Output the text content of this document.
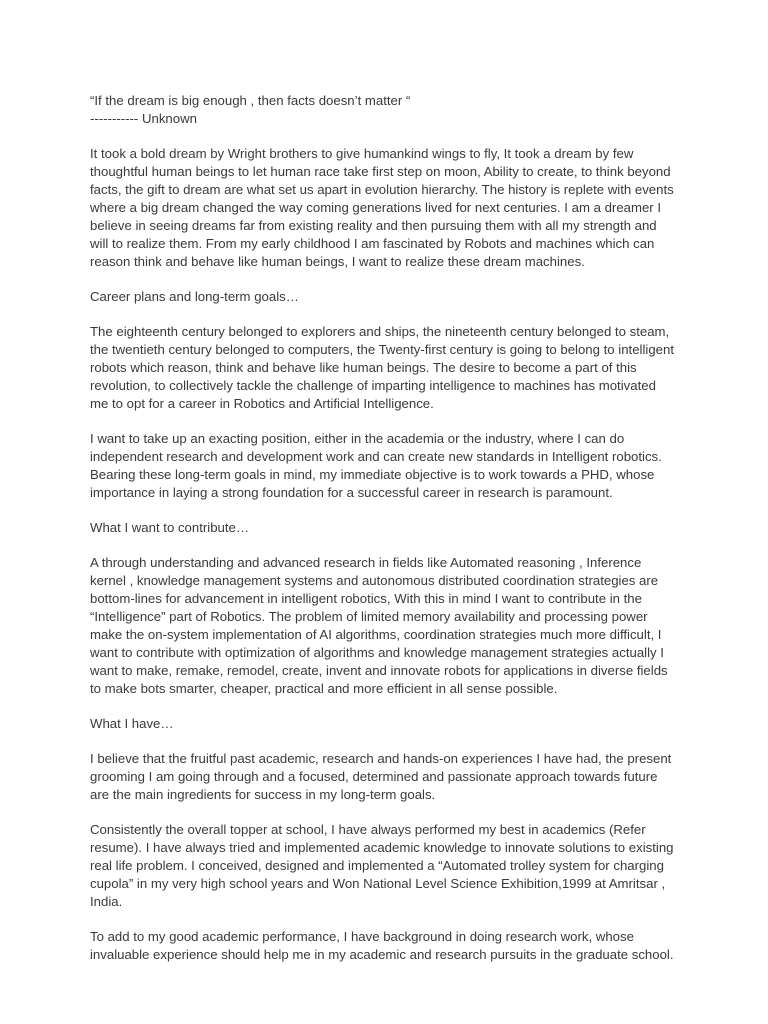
“If the dream is big enough , then facts doesn’t matter “
----------- Unknown
It took a bold dream by Wright brothers to give humankind wings to fly, It took a dream by few
thoughtful human beings to let human race take first step on moon, Ability to create, to think beyond
facts, the gift to dream are what set us apart in evolution hierarchy. The history is replete with events
where a big dream changed the way coming generations lived for next centuries. I am a dreamer I
believe in seeing dreams far from existing reality and then pursuing them with all my strength and
will to realize them. From my early childhood I am fascinated by Robots and machines which can
reason think and behave like human beings, I want to realize these dream machines.
Career plans and long-term goals…
The eighteenth century belonged to explorers and ships, the nineteenth century belonged to steam,
the twentieth century belonged to computers, the Twenty-first century is going to belong to intelligent
robots which reason, think and behave like human beings. The desire to become a part of this
revolution, to collectively tackle the challenge of imparting intelligence to machines has motivated
me to opt for a career in Robotics and Artificial Intelligence.
I want to take up an exacting position, either in the academia or the industry, where I can do
independent research and development work and can create new standards in Intelligent robotics.
Bearing these long-term goals in mind, my immediate objective is to work towards a PHD, whose
importance in laying a strong foundation for a successful career in research is paramount.
What I want to contribute…
A through understanding and advanced research in fields like Automated reasoning , Inference
kernel , knowledge management systems and autonomous distributed coordination strategies are
bottom-lines for advancement in intelligent robotics, With this in mind I want to contribute in the
“Intelligence” part of Robotics. The problem of limited memory availability and processing power
make the on-system implementation of AI algorithms, coordination strategies much more difficult, I
want to contribute with optimization of algorithms and knowledge management strategies actually I
want to make, remake, remodel, create, invent and innovate robots for applications in diverse fields
to make bots smarter, cheaper, practical and more efficient in all sense possible.
What I have…
I believe that the fruitful past academic, research and hands-on experiences I have had, the present
grooming I am going through and a focused, determined and passionate approach towards future
are the main ingredients for success in my long-term goals.
Consistently the overall topper at school, I have always performed my best in academics (Refer
resume). I have always tried and implemented academic knowledge to innovate solutions to existing
real life problem. I conceived, designed and implemented a “Automated trolley system for charging
cupola” in my very high school years and Won National Level Science Exhibition,1999 at Amritsar ,
India.
To add to my good academic performance, I have background in doing research work, whose
invaluable experience should help me in my academic and research pursuits in the graduate school.
